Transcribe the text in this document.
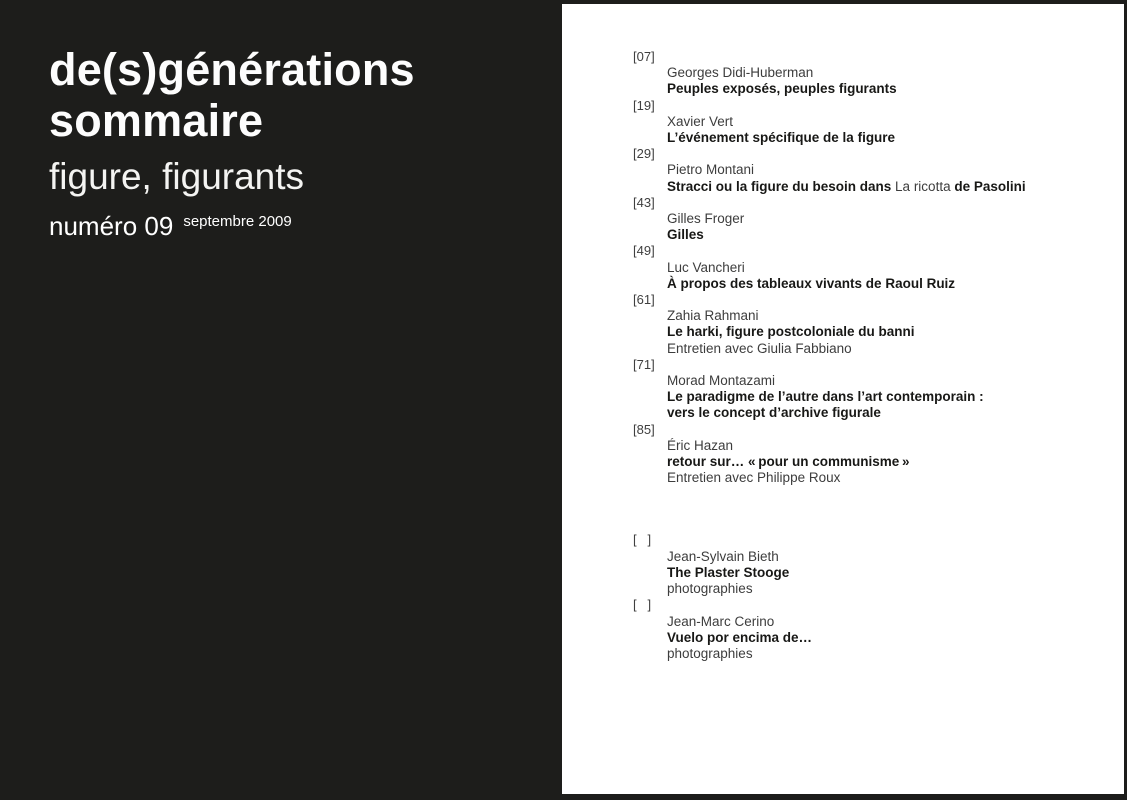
de(s)générations
sommaire
figure, figurants
numéro 09 septembre 2009
[07]
Georges Didi-Huberman
Peuples exposés, peuples figurants
[19]
Xavier Vert
L’événement spécifique de la figure
[29]
Pietro Montani
Stracci ou la figure du besoin dans La ricotta de Pasolini
[43]
Gilles Froger
Gilles
[49]
Luc Vancheri
À propos des tableaux vivants de Raoul Ruiz
[61]
Zahia Rahmani
Le harki, figure postcoloniale du banni
Entretien avec Giulia Fabbiano
[71]
Morad Montazami
Le paradigme de l’autre dans l’art contemporain :
vers le concept d’archive figurale
[85]
Éric Hazan
retour sur… « pour un communisme »
Entretien avec Philippe Roux
[   ]
Jean-Sylvain Bieth
The Plaster Stooge
photographies
[   ]
Jean-Marc Cerino
Vuelo por encima de…
photographies
